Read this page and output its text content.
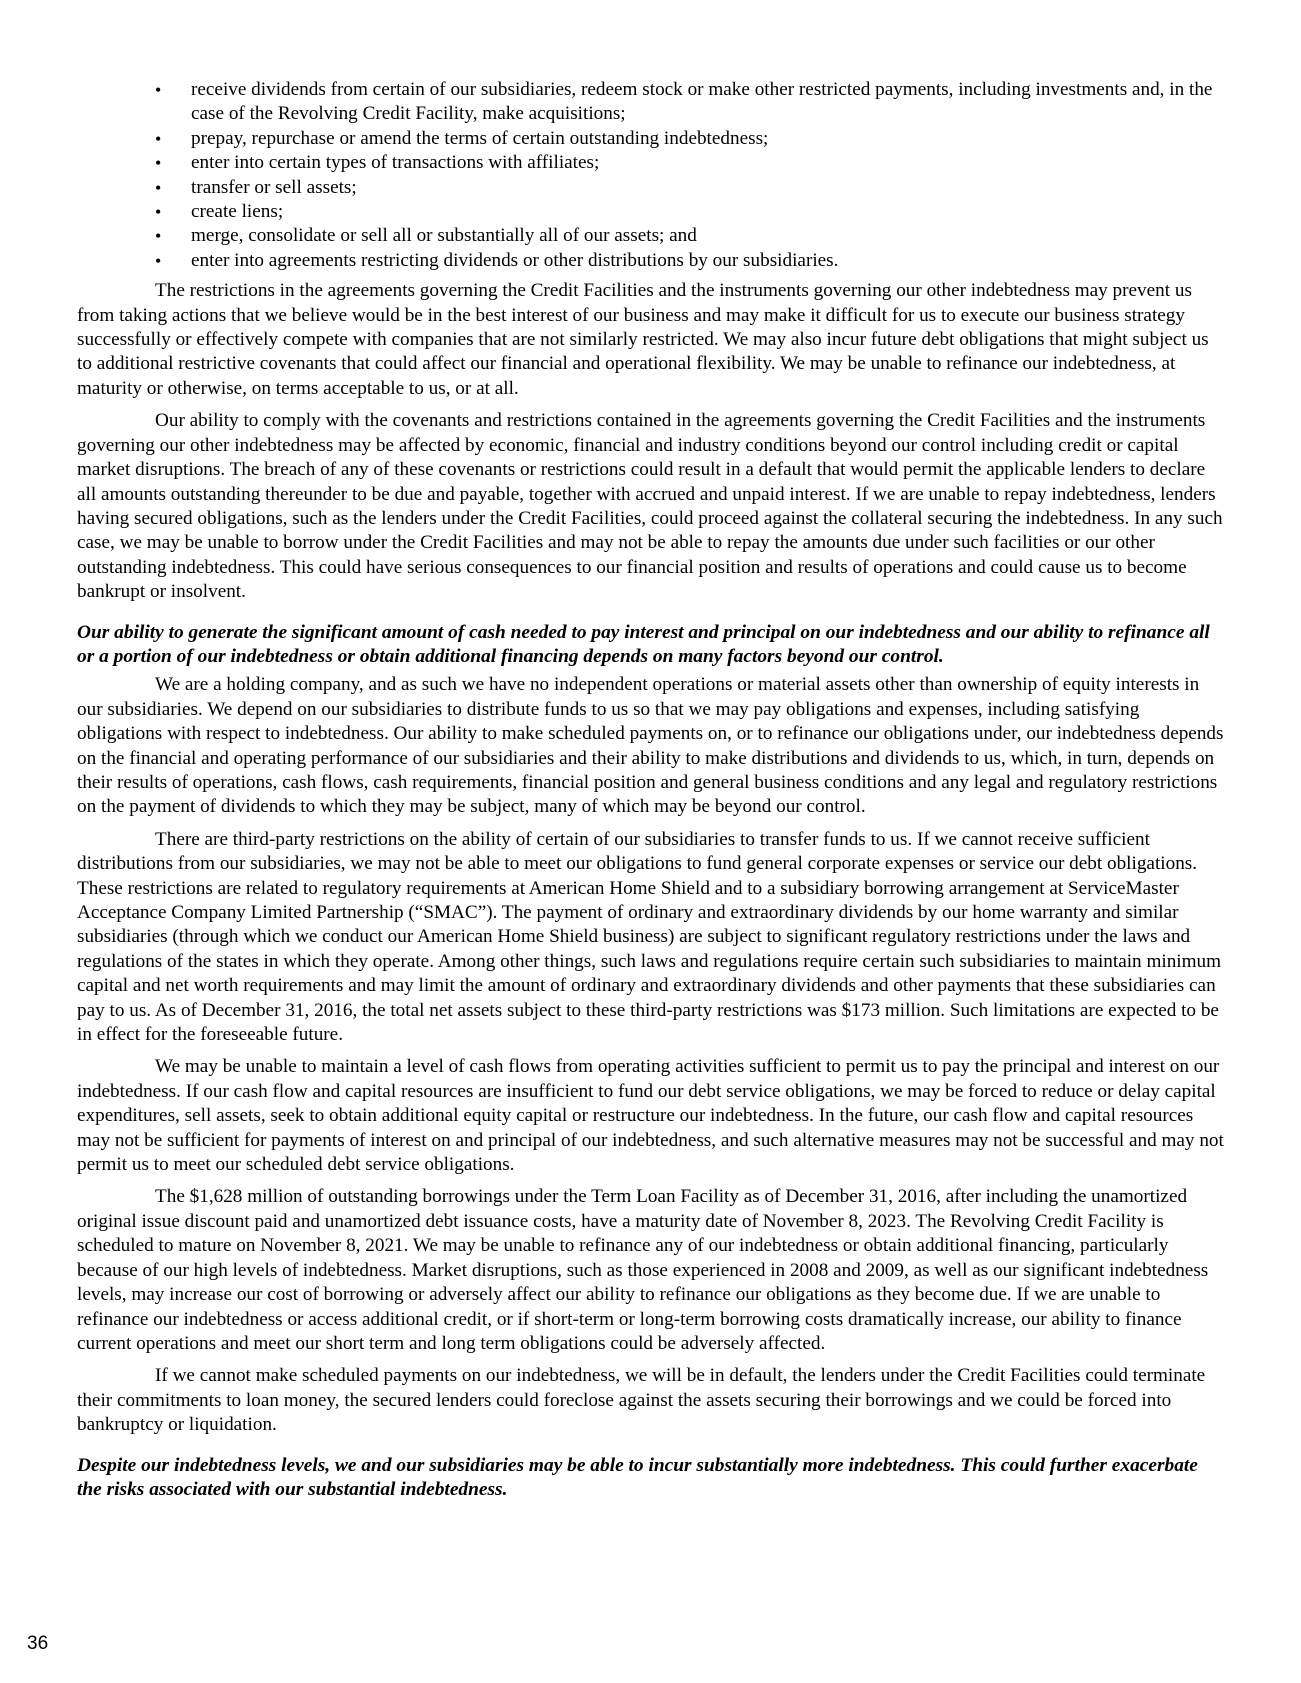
• receive dividends from certain of our subsidiaries, redeem stock or make other restricted payments, including investments and, in the case of the Revolving Credit Facility, make acquisitions;
• prepay, repurchase or amend the terms of certain outstanding indebtedness;
• enter into certain types of transactions with affiliates;
• transfer or sell assets;
• create liens;
• merge, consolidate or sell all or substantially all of our assets; and
• enter into agreements restricting dividends or other distributions by our subsidiaries.

The restrictions in the agreements governing the Credit Facilities and the instruments governing our other indebtedness may prevent us from taking actions that we believe would be in the best interest of our business and may make it difficult for us to execute our business strategy successfully or effectively compete with companies that are not similarly restricted. We may also incur future debt obligations that might subject us to additional restrictive covenants that could affect our financial and operational flexibility. We may be unable to refinance our indebtedness, at maturity or otherwise, on terms acceptable to us, or at all.

Our ability to comply with the covenants and restrictions contained in the agreements governing the Credit Facilities and the instruments governing our other indebtedness may be affected by economic, financial and industry conditions beyond our control including credit or capital market disruptions. The breach of any of these covenants or restrictions could result in a default that would permit the applicable lenders to declare all amounts outstanding thereunder to be due and payable, together with accrued and unpaid interest. If we are unable to repay indebtedness, lenders having secured obligations, such as the lenders under the Credit Facilities, could proceed against the collateral securing the indebtedness. In any such case, we may be unable to borrow under the Credit Facilities and may not be able to repay the amounts due under such facilities or our other outstanding indebtedness. This could have serious consequences to our financial position and results of operations and could cause us to become bankrupt or insolvent.

Our ability to generate the significant amount of cash needed to pay interest and principal on our indebtedness and our ability to refinance all or a portion of our indebtedness or obtain additional financing depends on many factors beyond our control.

We are a holding company, and as such we have no independent operations or material assets other than ownership of equity interests in our subsidiaries. We depend on our subsidiaries to distribute funds to us so that we may pay obligations and expenses, including satisfying obligations with respect to indebtedness. Our ability to make scheduled payments on, or to refinance our obligations under, our indebtedness depends on the financial and operating performance of our subsidiaries and their ability to make distributions and dividends to us, which, in turn, depends on their results of operations, cash flows, cash requirements, financial position and general business conditions and any legal and regulatory restrictions on the payment of dividends to which they may be subject, many of which may be beyond our control.

There are third-party restrictions on the ability of certain of our subsidiaries to transfer funds to us. If we cannot receive sufficient distributions from our subsidiaries, we may not be able to meet our obligations to fund general corporate expenses or service our debt obligations. These restrictions are related to regulatory requirements at American Home Shield and to a subsidiary borrowing arrangement at ServiceMaster Acceptance Company Limited Partnership (“SMAC”). The payment of ordinary and extraordinary dividends by our home warranty and similar subsidiaries (through which we conduct our American Home Shield business) are subject to significant regulatory restrictions under the laws and regulations of the states in which they operate. Among other things, such laws and regulations require certain such subsidiaries to maintain minimum capital and net worth requirements and may limit the amount of ordinary and extraordinary dividends and other payments that these subsidiaries can pay to us. As of December 31, 2016, the total net assets subject to these third-party restrictions was $173 million. Such limitations are expected to be in effect for the foreseeable future.

We may be unable to maintain a level of cash flows from operating activities sufficient to permit us to pay the principal and interest on our indebtedness. If our cash flow and capital resources are insufficient to fund our debt service obligations, we may be forced to reduce or delay capital expenditures, sell assets, seek to obtain additional equity capital or restructure our indebtedness. In the future, our cash flow and capital resources may not be sufficient for payments of interest on and principal of our indebtedness, and such alternative measures may not be successful and may not permit us to meet our scheduled debt service obligations.

The $1,628 million of outstanding borrowings under the Term Loan Facility as of December 31, 2016, after including the unamortized original issue discount paid and unamortized debt issuance costs, have a maturity date of November 8, 2023. The Revolving Credit Facility is scheduled to mature on November 8, 2021. We may be unable to refinance any of our indebtedness or obtain additional financing, particularly because of our high levels of indebtedness. Market disruptions, such as those experienced in 2008 and 2009, as well as our significant indebtedness levels, may increase our cost of borrowing or adversely affect our ability to refinance our obligations as they become due. If we are unable to refinance our indebtedness or access additional credit, or if short-term or long-term borrowing costs dramatically increase, our ability to finance current operations and meet our short term and long term obligations could be adversely affected.

If we cannot make scheduled payments on our indebtedness, we will be in default, the lenders under the Credit Facilities could terminate their commitments to loan money, the secured lenders could foreclose against the assets securing their borrowings and we could be forced into bankruptcy or liquidation.

Despite our indebtedness levels, we and our subsidiaries may be able to incur substantially more indebtedness. This could further exacerbate the risks associated with our substantial indebtedness.
36
